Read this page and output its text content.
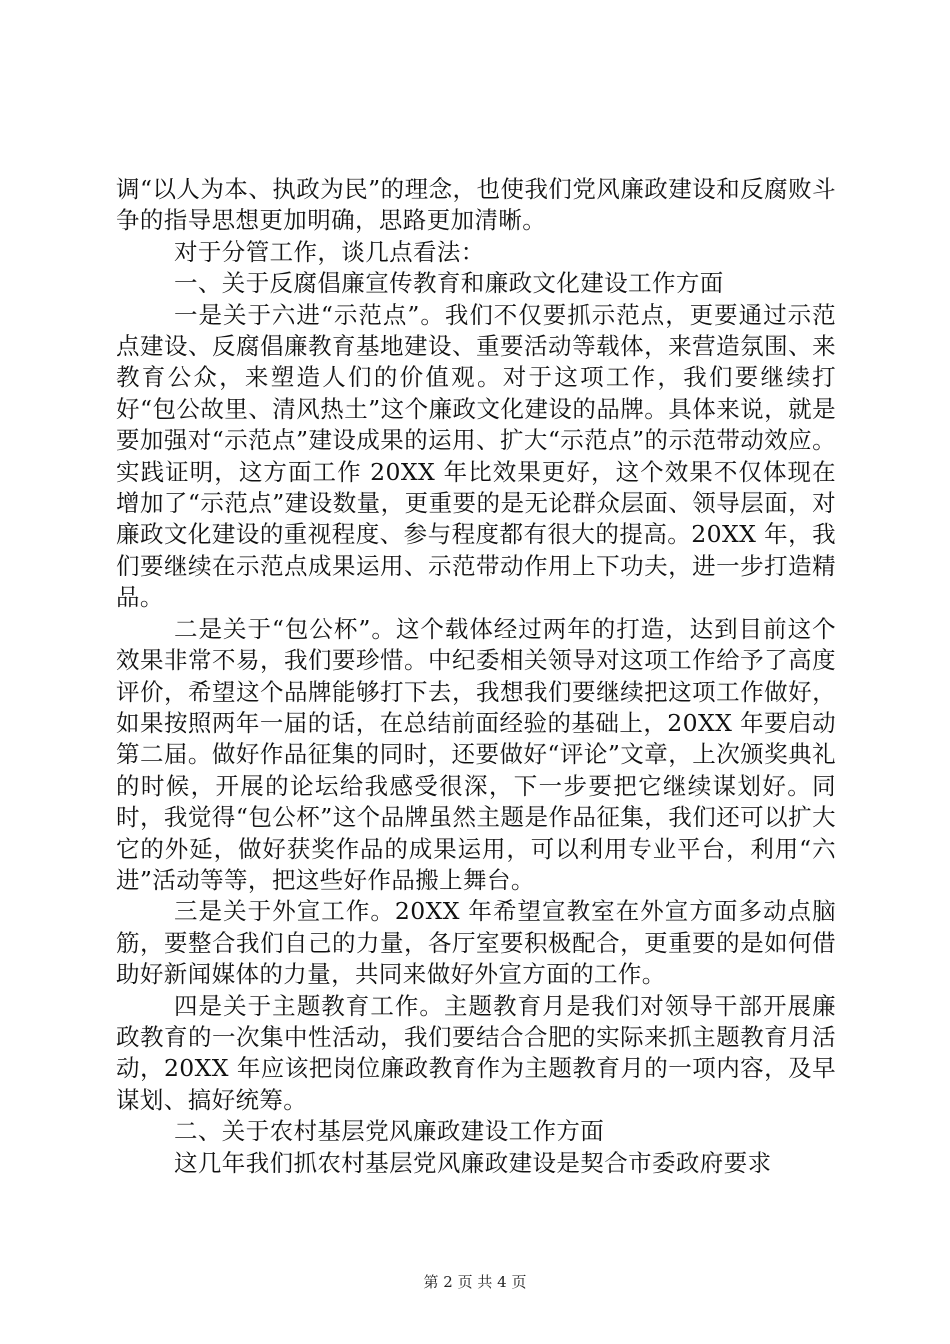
调“以人为本、执政为民”的理念，也使我们党风廉政建设和反腐败斗争的指导思想更加明确，思路更加清晰。

对于分管工作，谈几点看法：

一、关于反腐倡廉宣传教育和廉政文化建设工作方面

一是关于六进“示范点”。我们不仅要抓示范点，更要通过示范点建设、反腐倡廉教育基地建设、重要活动等载体，来营造氛围、来教育公众，来塑造人们的价值观。对于这项工作，我们要继续打好“包公故里、清风热土”这个廉政文化建设的品牌。具体来说，就是要加强对“示范点”建设成果的运用、扩大“示范点”的示范带动效应。实践证明，这方面工作 20XX 年比效果更好，这个效果不仅体现在增加了“示范点”建设数量，更重要的是无论群众层面、领导层面，对廉政文化建设的重视程度、参与程度都有很大的提高。20XX 年，我们要继续在示范点成果运用、示范带动作用上下功夫，进一步打造精品。

二是关于“包公杯”。这个载体经过两年的打造，达到目前这个效果非常不易，我们要珍惜。中纪委相关领导对这项工作给予了高度评价，希望这个品牌能够打下去，我想我们要继续把这项工作做好，如果按照两年一届的话，在总结前面经验的基础上，20XX 年要启动第二届。做好作品征集的同时，还要做好“评论”文章，上次颁奖典礼的时候，开展的论坛给我感受很深，下一步要把它继续谋划好。同时，我觉得“包公杯”这个品牌虽然主题是作品征集，我们还可以扩大它的外延，做好获奖作品的成果运用，可以利用专业平台，利用“六进”活动等等，把这些好作品搬上舞台。

三是关于外宣工作。20XX 年希望宣教室在外宣方面多动点脑筋，要整合我们自己的力量，各厅室要积极配合，更重要的是如何借助好新闻媒体的力量，共同来做好外宣方面的工作。

四是关于主题教育工作。主题教育月是我们对领导干部开展廉政教育的一次集中性活动，我们要结合合肥的实际来抓主题教育月活动，20XX 年应该把岗位廉政教育作为主题教育月的一项内容，及早谋划、搞好统筹。

二、关于农村基层党风廉政建设工作方面

这几年我们抓农村基层党风廉政建设是契合市委政府要求

第 2 页 共 4 页
